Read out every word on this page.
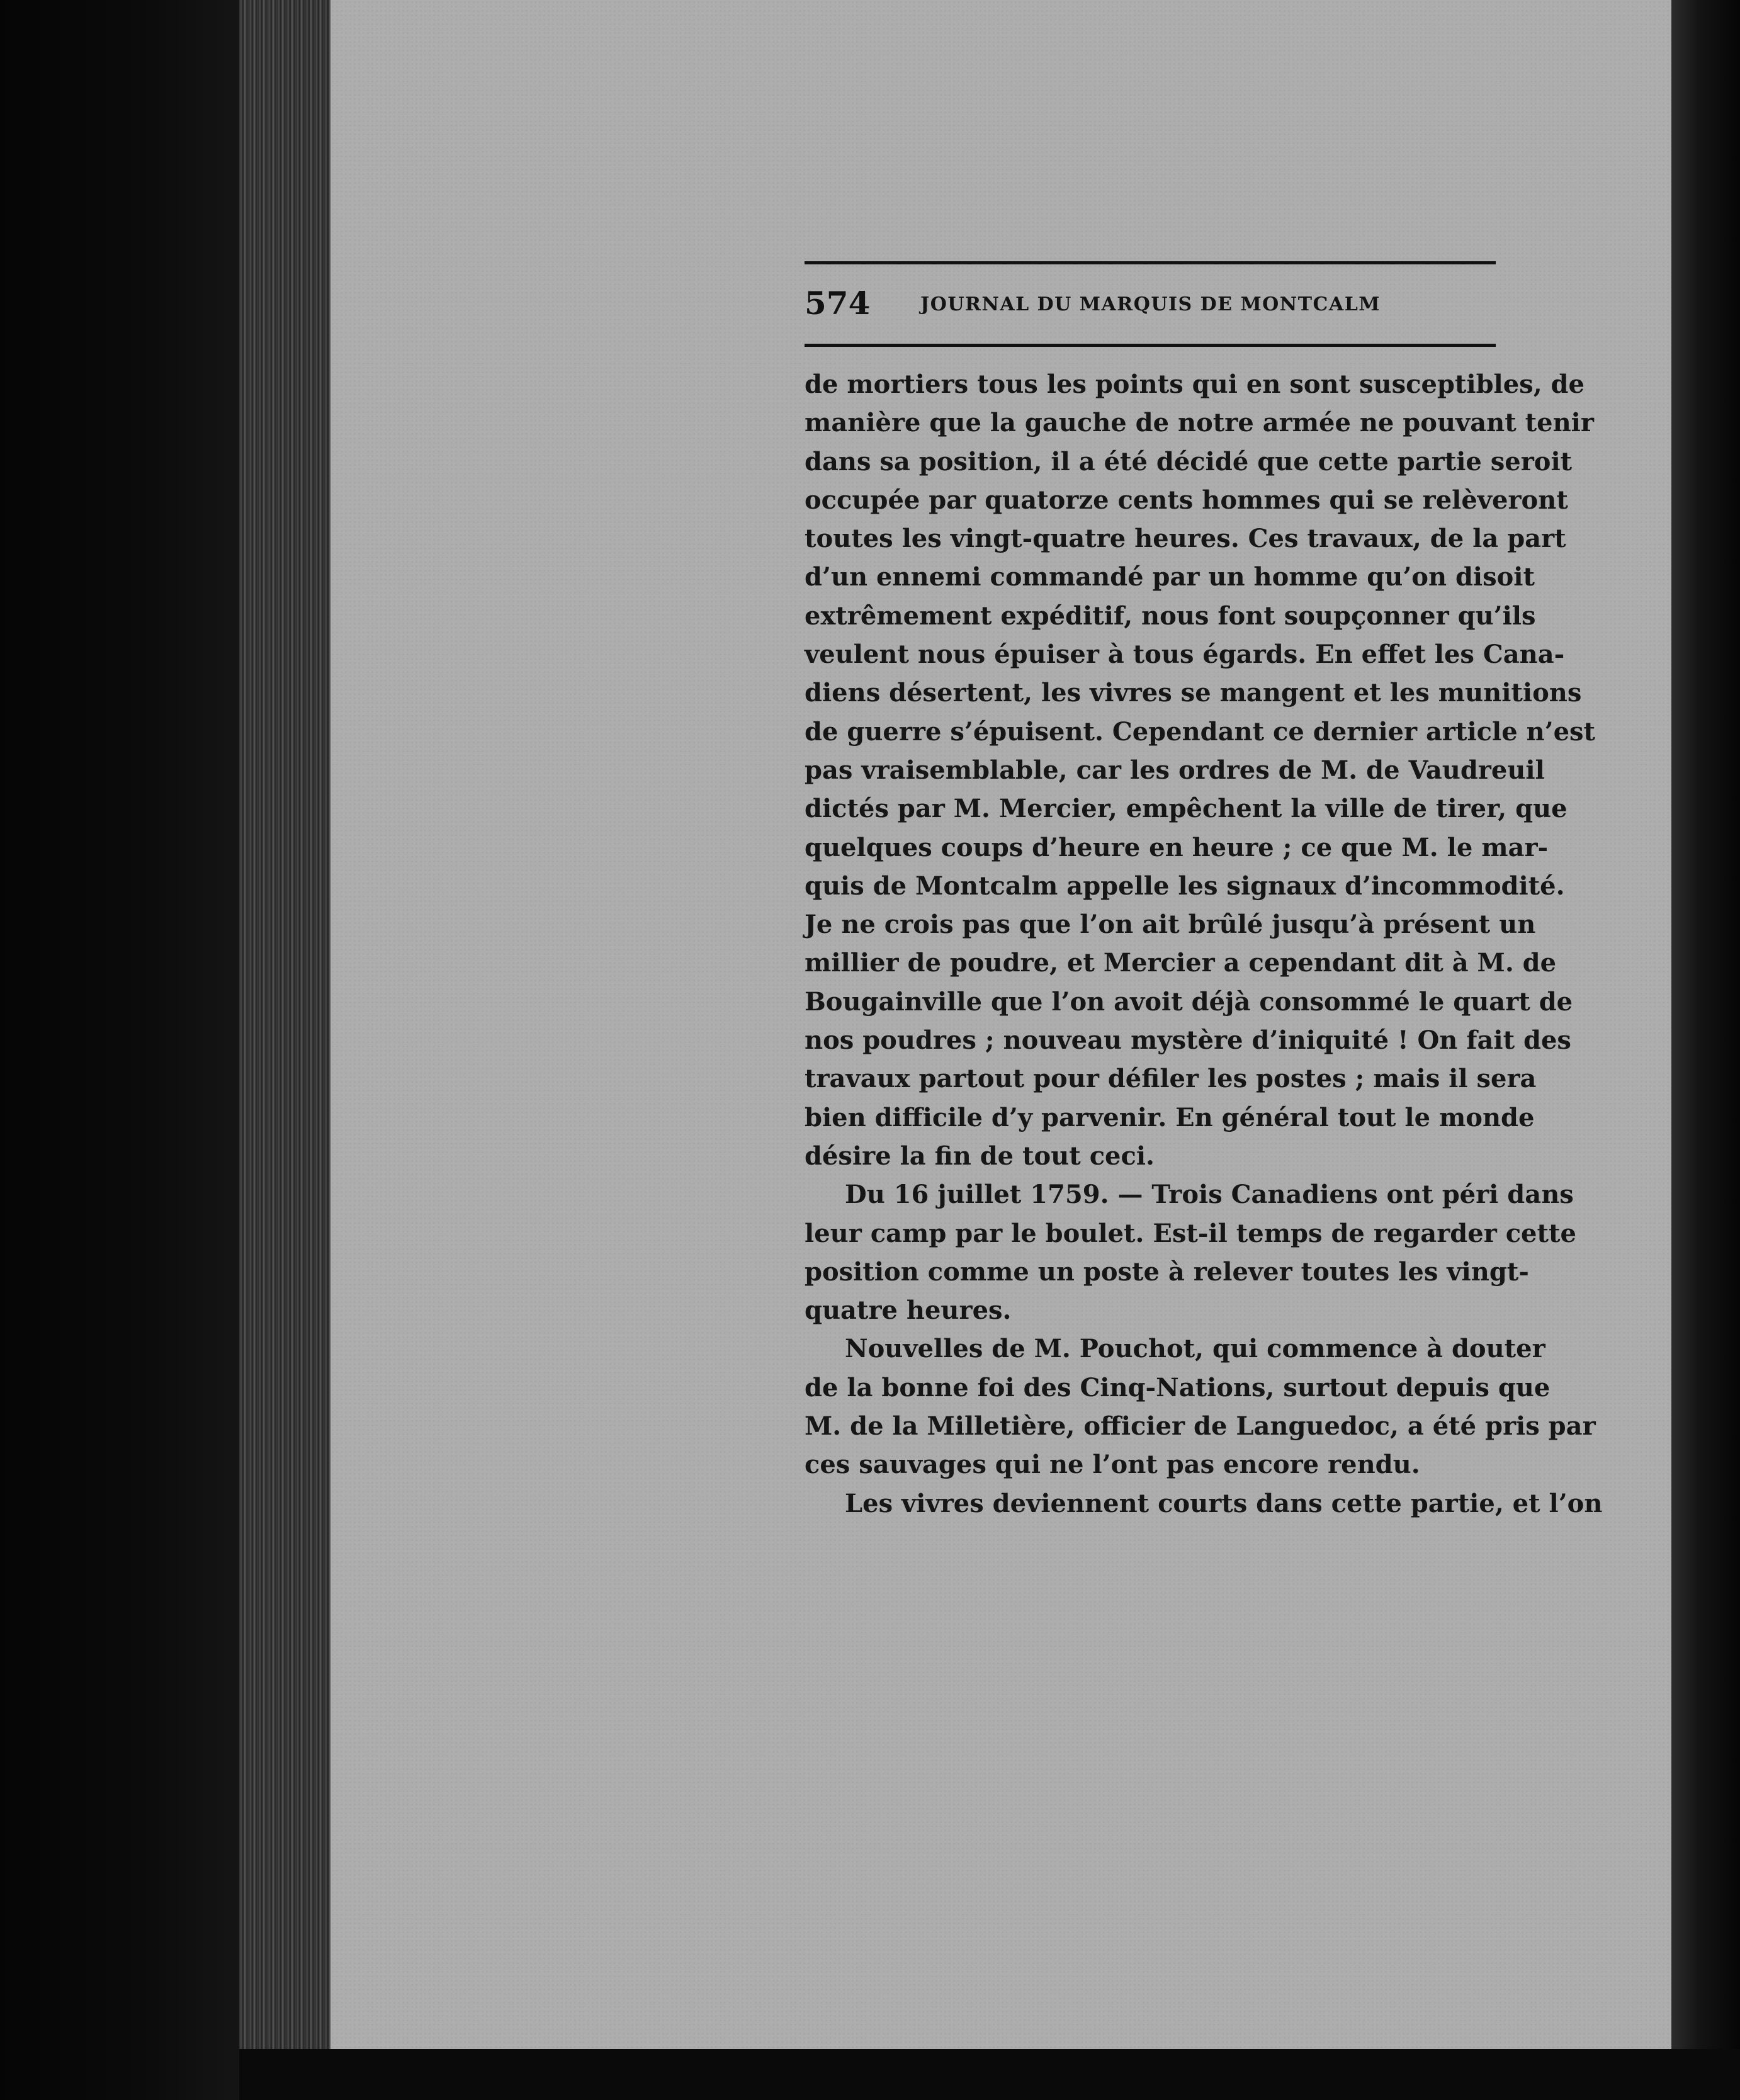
574	JOURNAL DU MARQUIS DE MONTCALM
de mortiers tous les points qui en sont susceptibles, de
manière que la gauche de notre armée ne pouvant tenir
dans sa position, il a été décidé que cette partie seroit
occupée par quatorze cents hommes qui se relèveront
toutes les vingt-quatre heures. Ces travaux, de la part
d’un ennemi commandé par un homme qu’on disoit
extrêmement expéditif, nous font soupçonner qu’ils
veulent nous épuiser à tous égards. En effet les Cana-
diens désertent, les vivres se mangent et les munitions
de guerre s’épuisent. Cependant ce dernier article n’est
pas vraisemblable, car les ordres de M. de Vaudreuil
dictés par M. Mercier, empêchent la ville de tirer, que
quelques coups d’heure en heure ; ce que M. le mar-
quis de Montcalm appelle les signaux d’incommodité.
Je ne crois pas que l’on ait brûlé jusqu’à présent un
millier de poudre, et Mercier a cependant dit à M. de
Bougainville que l’on avoit déjà consommé le quart de
nos poudres ; nouveau mystère d’iniquité ! On fait des
travaux partout pour défiler les postes ; mais il sera
bien difficile d’y parvenir. En général tout le monde
désire la fin de tout ceci.
Du 16 juillet 1759. — Trois Canadiens ont péri dans
leur camp par le boulet. Est-il temps de regarder cette
position comme un poste à relever toutes les vingt-
quatre heures.
Nouvelles de M. Pouchot, qui commence à douter
de la bonne foi des Cinq-Nations, surtout depuis que
M. de la Milletière, officier de Languedoc, a été pris par
ces sauvages qui ne l’ont pas encore rendu.
Les vivres deviennent courts dans cette partie, et l’on
